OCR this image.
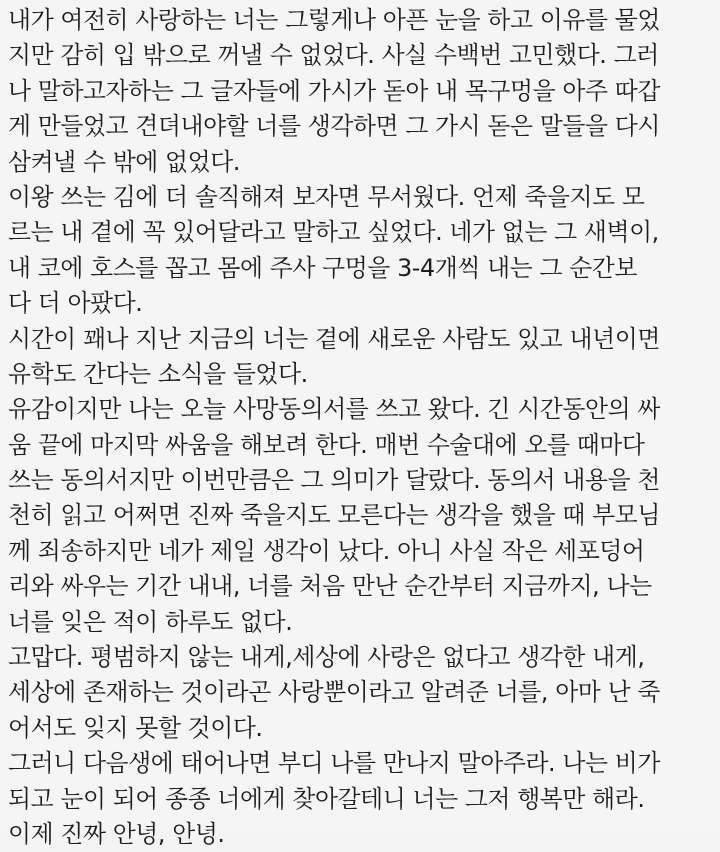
내가 여전히 사랑하는 너는 그렇게나 아픈 눈을 하고 이유를 물었
지만 감히 입 밖으로 꺼낼 수 없었다. 사실 수백번 고민했다. 그러
나 말하고자하는 그 글자들에 가시가 돋아 내 목구멍을 아주 따갑
게 만들었고 견뎌내야할 너를 생각하면 그 가시 돋은 말들을 다시
삼켜낼 수 밖에 없었다.
이왕 쓰는 김에 더 솔직해져 보자면 무서웠다. 언제 죽을지도 모
르는 내 곁에 꼭 있어달라고 말하고 싶었다. 네가 없는 그 새벽이,
내 코에 호스를 꼽고 몸에 주사 구멍을 3-4개씩 내는 그 순간보
다 더 아팠다.
시간이 꽤나 지난 지금의 너는 곁에 새로운 사람도 있고 내년이면
유학도 간다는 소식을 들었다.
유감이지만 나는 오늘 사망동의서를 쓰고 왔다. 긴 시간동안의 싸
움 끝에 마지막 싸움을 해보려 한다. 매번 수술대에 오를 때마다
쓰는 동의서지만 이번만큼은 그 의미가 달랐다. 동의서 내용을 천
천히 읽고 어쩌면 진짜 죽을지도 모른다는 생각을 했을 때 부모님
께 죄송하지만 네가 제일 생각이 났다. 아니 사실 작은 세포덩어
리와 싸우는 기간 내내, 너를 처음 만난 순간부터 지금까지, 나는
너를 잊은 적이 하루도 없다.
고맙다. 평범하지 않는 내게,세상에 사랑은 없다고 생각한 내게,
세상에 존재하는 것이라곤 사랑뿐이라고 알려준 너를, 아마 난 죽
어서도 잊지 못할 것이다.
그러니 다음생에 태어나면 부디 나를 만나지 말아주라. 나는 비가
되고 눈이 되어 종종 너에게 찾아갈테니 너는 그저 행복만 해라.
이제 진짜 안녕, 안녕.
